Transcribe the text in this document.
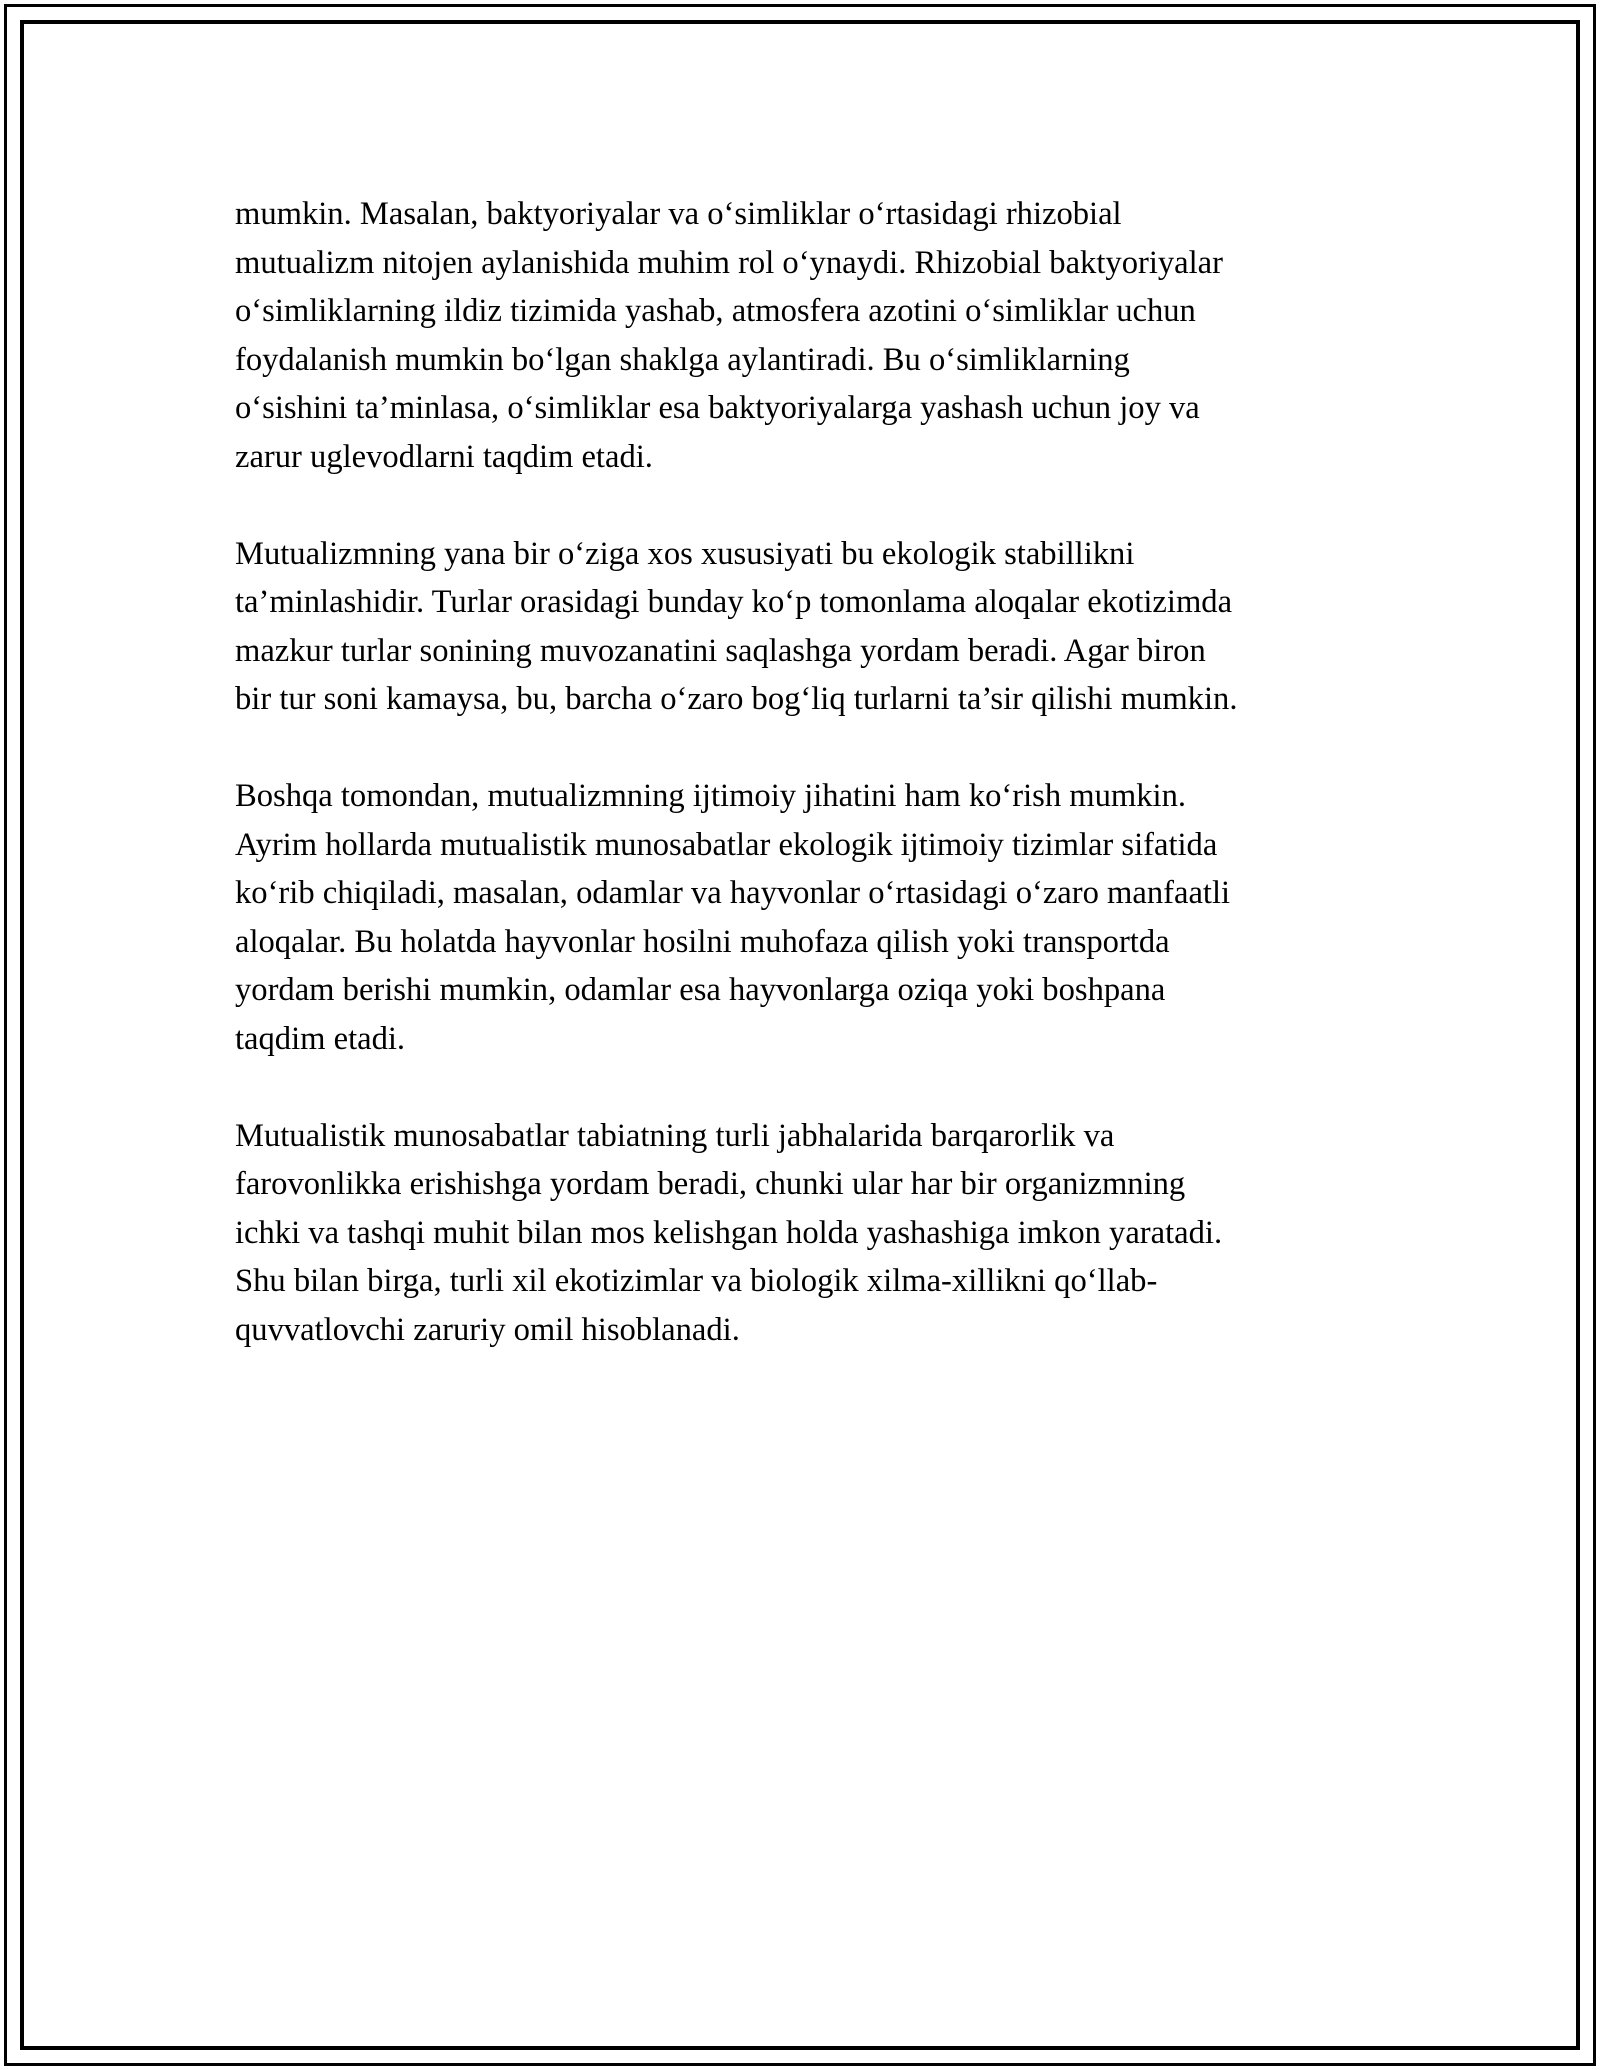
mumkin. Masalan, baktyoriyalar va o‘simliklar o‘rtasidagi rhizobial
mutualizm nitojen aylanishida muhim rol o‘ynaydi. Rhizobial baktyoriyalar
o‘simliklarning ildiz tizimida yashab, atmosfera azotini o‘simliklar uchun
foydalanish mumkin bo‘lgan shaklga aylantiradi. Bu o‘simliklarning
o‘sishini ta’minlasa, o‘simliklar esa baktyoriyalarga yashash uchun joy va
zarur uglevodlarni taqdim etadi.

Mutualizmning yana bir o‘ziga xos xususiyati bu ekologik stabillikni
ta’minlashidir. Turlar orasidagi bunday ko‘p tomonlama aloqalar ekotizimda
mazkur turlar sonining muvozanatini saqlashga yordam beradi. Agar biron
bir tur soni kamaysa, bu, barcha o‘zaro bog‘liq turlarni ta’sir qilishi mumkin.

Boshqa tomondan, mutualizmning ijtimoiy jihatini ham ko‘rish mumkin.
Ayrim hollarda mutualistik munosabatlar ekologik ijtimoiy tizimlar sifatida
ko‘rib chiqiladi, masalan, odamlar va hayvonlar o‘rtasidagi o‘zaro manfaatli
aloqalar. Bu holatda hayvonlar hosilni muhofaza qilish yoki transportda
yordam berishi mumkin, odamlar esa hayvonlarga oziqa yoki boshpana
taqdim etadi.

Mutualistik munosabatlar tabiatning turli jabhalarida barqarorlik va
farovonlikka erishishga yordam beradi, chunki ular har bir organizmning
ichki va tashqi muhit bilan mos kelishgan holda yashashiga imkon yaratadi.
Shu bilan birga, turli xil ekotizimlar va biologik xilma-xillikni qo‘llab-
quvvatlovchi zaruriy omil hisoblanadi.
